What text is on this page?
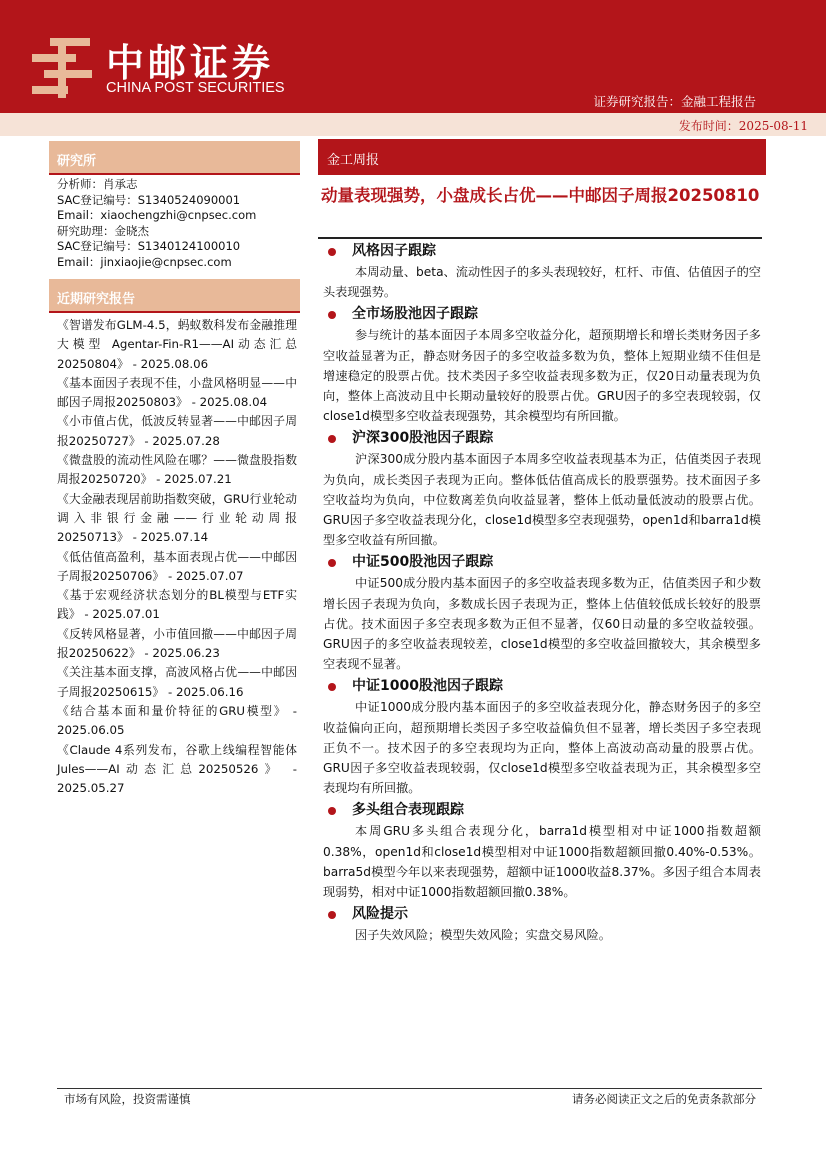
中邮证券
CHINA POST SECURITIES
证券研究报告：金融工程报告
发布时间：2025-08-11
研究所
分析师：肖承志
SAC登记编号：S1340524090001
Email：xiaochengzhi@cnpsec.com
研究助理：金晓杰
SAC登记编号：S1340124100010
Email：jinxiaojie@cnpsec.com
近期研究报告
《智谱发布GLM-4.5，蚂蚁数科发布金融推理大模型 Agentar-Fin-R1——AI动态汇总20250804》 - 2025.08.06
《基本面因子表现不佳，小盘风格明显——中邮因子周报20250803》 - 2025.08.04
《小市值占优，低波反转显著——中邮因子周报20250727》 - 2025.07.28
《微盘股的流动性风险在哪？——微盘股指数周报20250720》 - 2025.07.21
《大金融表现居前助指数突破，GRU行业轮动调入非银行金融——行业轮动周报20250713》 - 2025.07.14
《低估值高盈利，基本面表现占优——中邮因子周报20250706》 - 2025.07.07
《基于宏观经济状态划分的BL模型与ETF实践》 - 2025.07.01
《反转风格显著，小市值回撤——中邮因子周报20250622》 - 2025.06.23
《关注基本面支撑，高波风格占优——中邮因子周报20250615》 - 2025.06.16
《结合基本面和量价特征的GRU模型》 - 2025.06.05
《Claude 4系列发布，谷歌上线编程智能体 Jules——AI动态汇总20250526》 - 2025.05.27
金工周报
动量表现强势，小盘成长占优——中邮因子周报20250810
风格因子跟踪
本周动量、beta、流动性因子的多头表现较好，杠杆、市值、估值因子的空头表现强势。
全市场股池因子跟踪
参与统计的基本面因子本周多空收益分化，超预期增长和增长类财务因子多空收益显著为正，静态财务因子的多空收益多数为负，整体上短期业绩不佳但是增速稳定的股票占优。技术类因子多空收益表现多数为正，仅20日动量表现为负向，整体上高波动且中长期动量较好的股票占优。GRU因子的多空表现较弱，仅close1d模型多空收益表现强势，其余模型均有所回撤。
沪深300股池因子跟踪
沪深300成分股内基本面因子本周多空收益表现基本为正，估值类因子表现为负向，成长类因子表现为正向。整体低估值高成长的股票强势。技术面因子多空收益均为负向，中位数离差负向收益显著，整体上低动量低波动的股票占优。GRU因子多空收益表现分化，close1d模型多空表现强势，open1d和barra1d模型多空收益有所回撤。
中证500股池因子跟踪
中证500成分股内基本面因子的多空收益表现多数为正，估值类因子和少数增长因子表现为负向，多数成长因子表现为正，整体上估值较低成长较好的股票占优。技术面因子多空表现多数为正但不显著，仅60日动量的多空收益较强。GRU因子的多空收益表现较差，close1d模型的多空收益回撤较大，其余模型多空表现不显著。
中证1000股池因子跟踪
中证1000成分股内基本面因子的多空收益表现分化，静态财务因子的多空收益偏向正向，超预期增长类因子多空收益偏负但不显著，增长类因子多空表现正负不一。技术因子的多空表现均为正向，整体上高波动高动量的股票占优。GRU因子多空收益表现较弱，仅close1d模型多空收益表现为正，其余模型多空表现均有所回撤。
多头组合表现跟踪
本周GRU多头组合表现分化，barra1d模型相对中证1000指数超额0.38%，open1d和close1d模型相对中证1000指数超额回撤0.40%-0.53%。barra5d模型今年以来表现强势，超额中证1000收益8.37%。多因子组合本周表现弱势，相对中证1000指数超额回撤0.38%。
风险提示
因子失效风险；模型失效风险；实盘交易风险。
市场有风险，投资需谨慎	请务必阅读正文之后的免责条款部分
